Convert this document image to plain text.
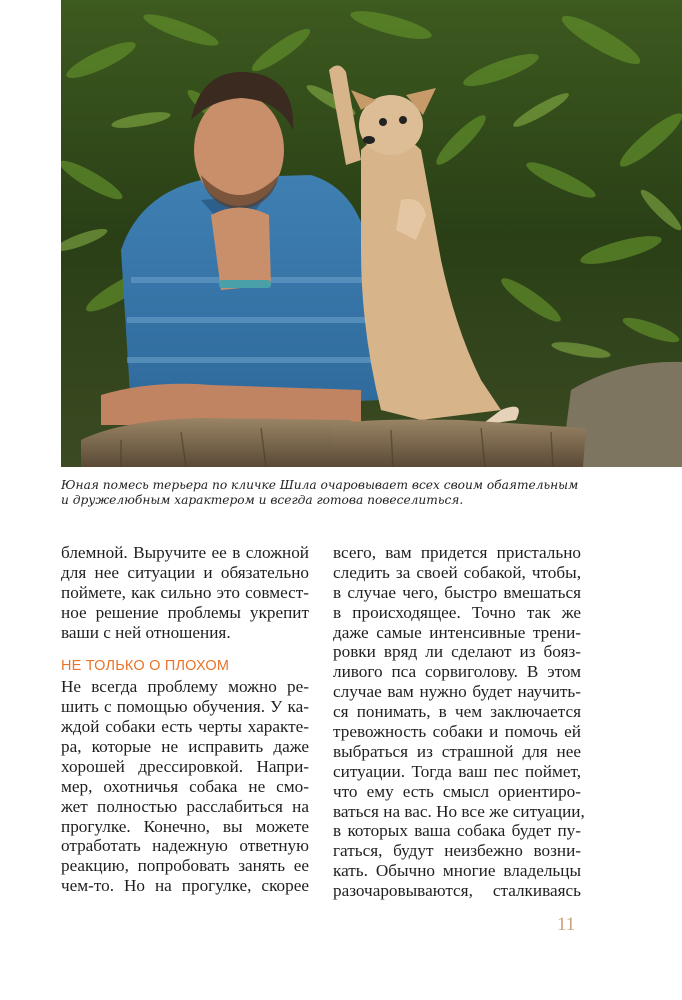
Юная помесь терьера по кличке Шила очаровывает всех своим обаятельным
и дружелюбным характером и всегда готова повеселиться.
блемной. Выручите ее в сложной
для нее ситуации и обязательно
поймете, как сильно это совмест-
ное решение проблемы укрепит
ваши с ней отношения.
НЕ ТОЛЬКО О ПЛОХОМ
Не всегда проблему можно ре-
шить с помощью обучения. У ка-
ждой собаки есть черты характе-
ра, которые не исправить даже
хорошей дрессировкой. Напри-
мер, охотничья собака не смо-
жет полностью расслабиться на
прогулке. Конечно, вы можете
отработать надежную ответную
реакцию, попробовать занять ее
чем-то. Но на прогулке, скорее
всего, вам придется пристально
следить за своей собакой, чтобы,
в случае чего, быстро вмешаться
в происходящее. Точно так же
даже самые интенсивные трени-
ровки вряд ли сделают из бояз-
ливого пса сорвиголову. В этом
случае вам нужно будет научить-
ся понимать, в чем заключается
тревожность собаки и помочь ей
выбраться из страшной для нее
ситуации. Тогда ваш пес поймет,
что ему есть смысл ориентиро-
ваться на вас. Но все же ситуации,
в которых ваша собака будет пу-
гаться, будут неизбежно возни-
кать. Обычно многие владельцы
разочаровываются, сталкиваясь
11
